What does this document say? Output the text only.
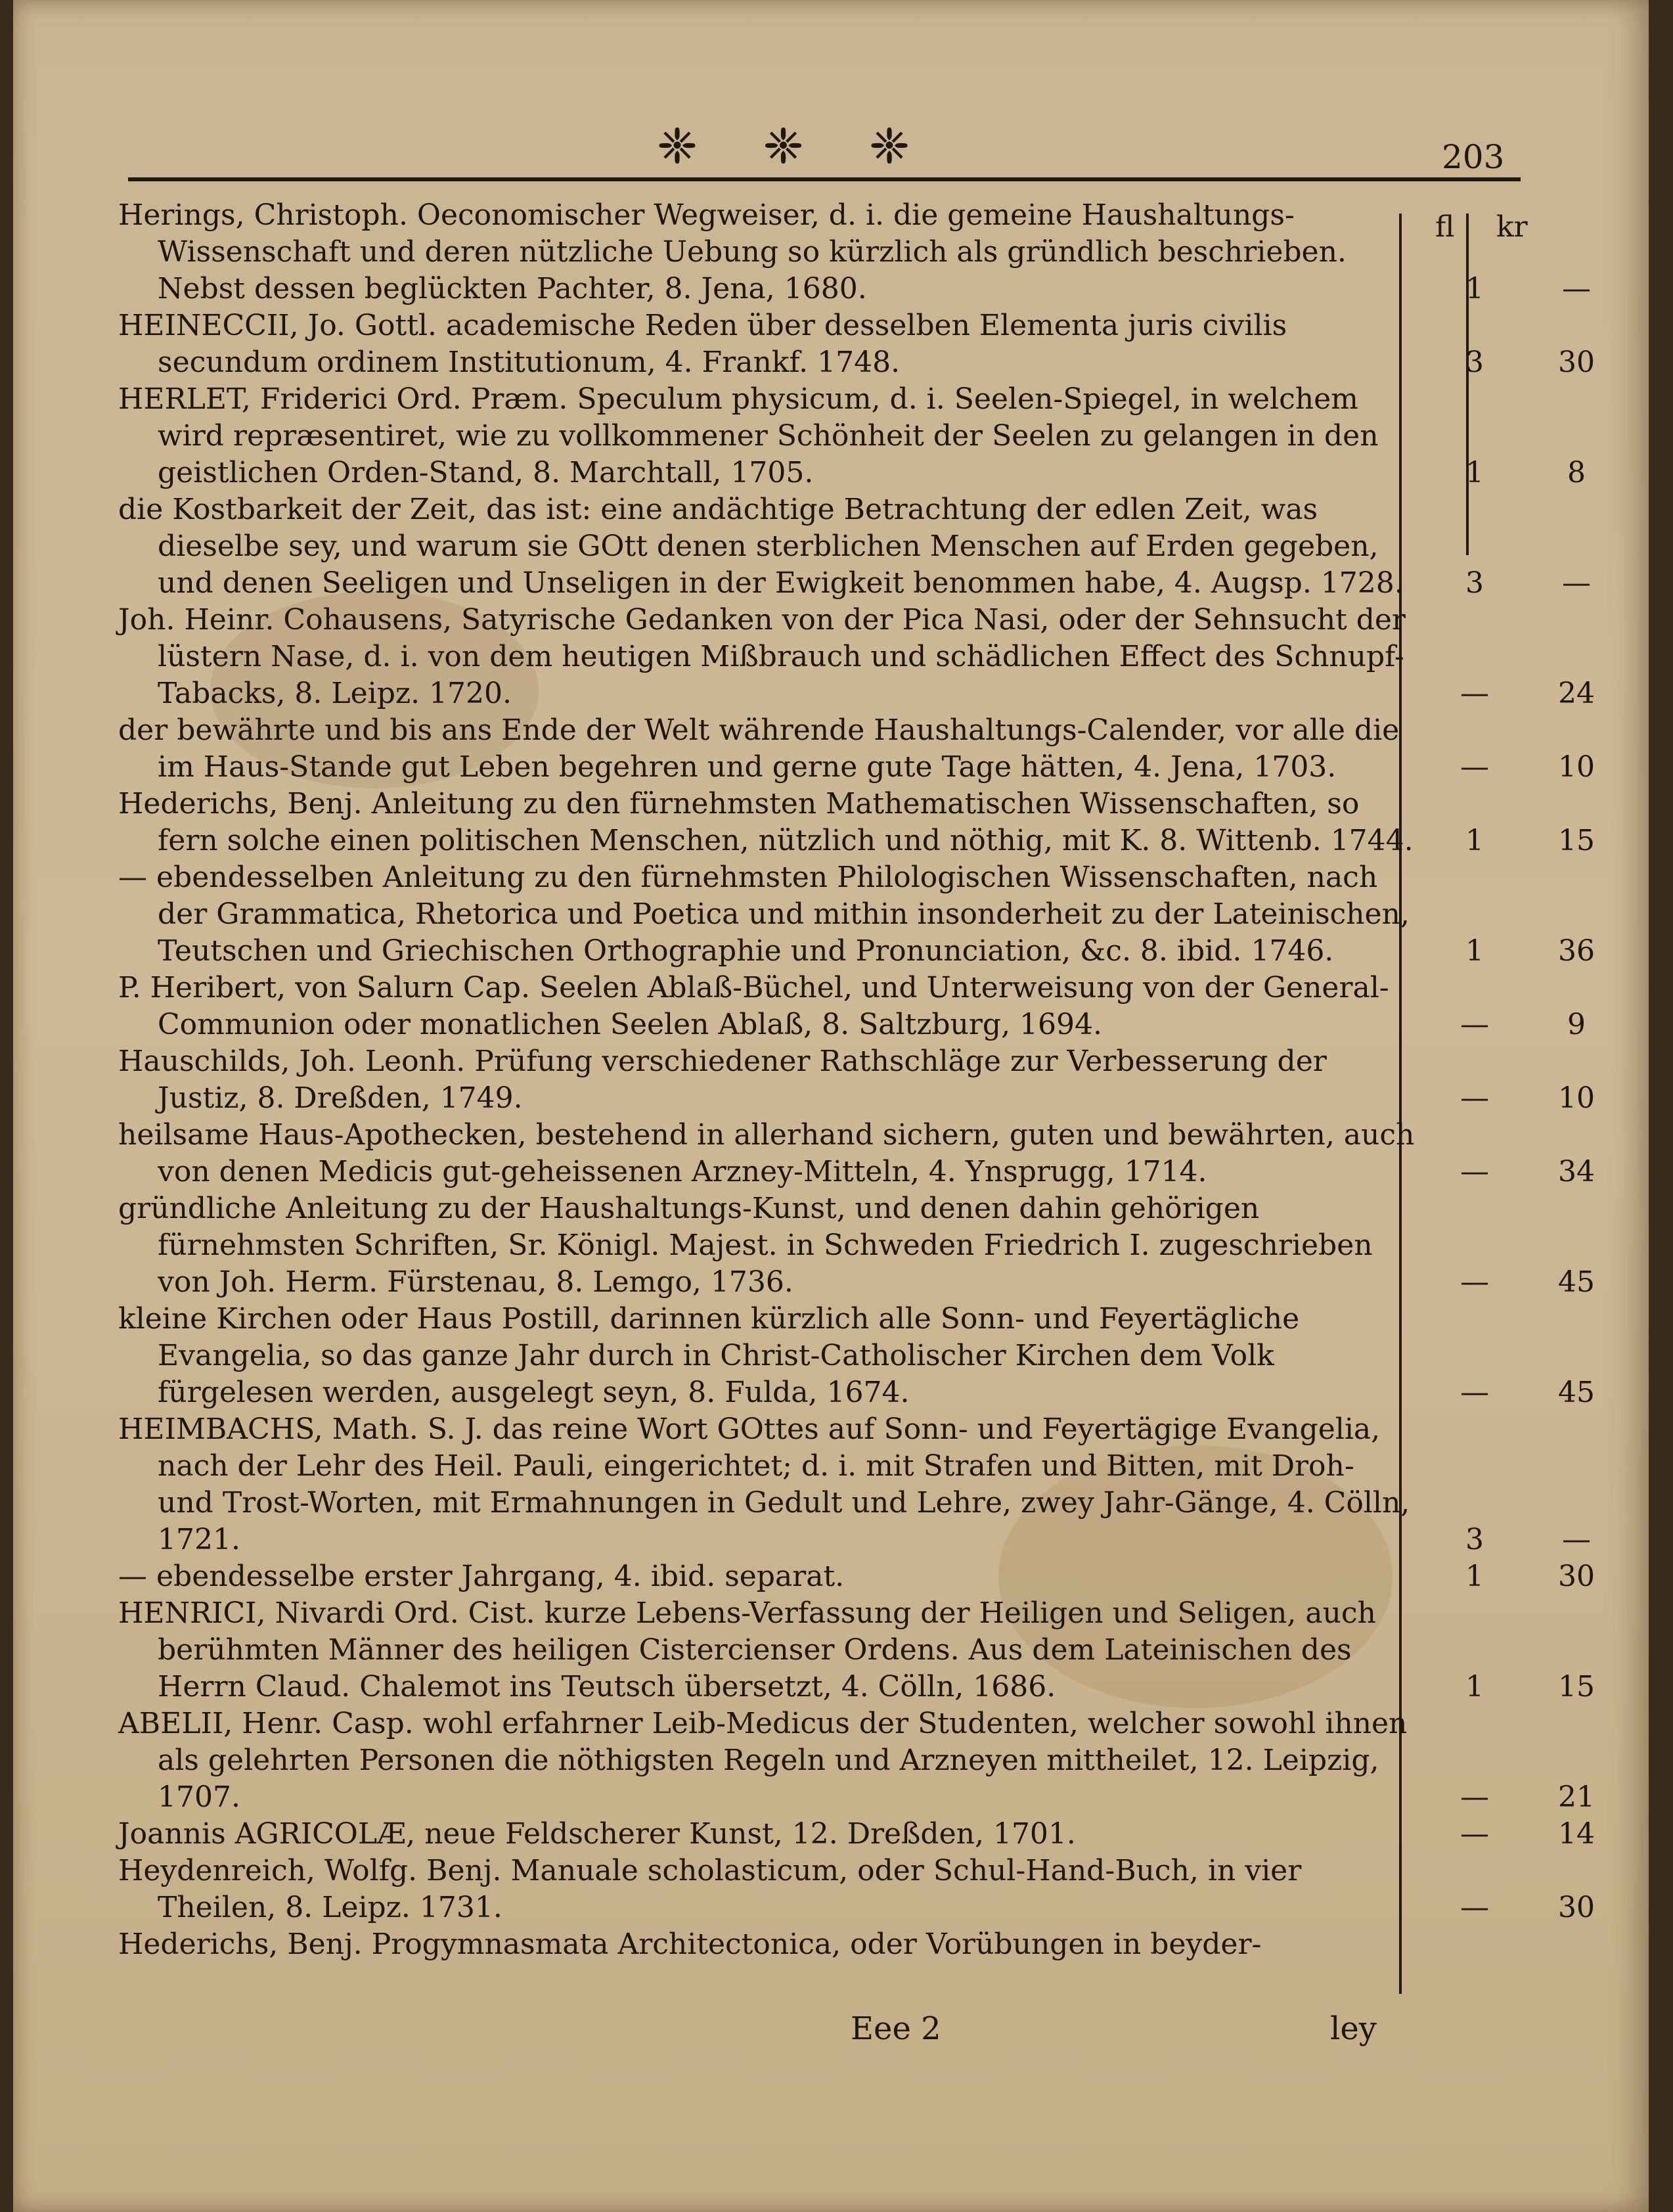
❈ ❈ ❈	203
fl kr
Herings, Christoph. Oeconomischer Wegweiser, d. i. die gemeine Haushaltungs-Wissenschaft und deren nützliche Uebung so kürzlich als gründlich beschrieben. Nebst dessen beglückten Pachter, 8. Jena, 1680.	1	—
HEINECCII, Jo. Gottl. academische Reden über desselben Elementa juris civilis secundum ordinem Institutionum, 4. Frankf. 1748.	3	30
HERLET, Friderici Ord. Præm. Speculum physicum, d. i. Seelen-Spiegel, in welchem wird repræsentiret, wie zu vollkommener Schönheit der Seelen zu gelangen in den geistlichen Orden-Stand, 8. Marchtall, 1705.	1	8
die Kostbarkeit der Zeit, das ist: eine andächtige Betrachtung der edlen Zeit, was dieselbe sey, und warum sie GOtt denen sterblichen Menschen auf Erden gegeben, und denen Seeligen und Unseligen in der Ewigkeit benommen habe, 4. Augsp. 1728.	3	—
Joh. Heinr. Cohausens, Satyrische Gedanken von der Pica Nasi, oder der Sehnsucht der lüstern Nase, d. i. von dem heutigen Mißbrauch und schädlichen Effect des Schnupf-Tabacks, 8. Leipz. 1720.	—	24
der bewährte und bis ans Ende der Welt währende Haushaltungs-Calender, vor alle die im Haus-Stande gut Leben begehren und gerne gute Tage hätten, 4. Jena, 1703.	—	10
Hederichs, Benj. Anleitung zu den fürnehmsten Mathematischen Wissenschaften, so fern solche einen politischen Menschen, nützlich und nöthig, mit K. 8. Wittenb. 1744.	1	15
— ebendesselben Anleitung zu den fürnehmsten Philologischen Wissenschaften, nach der Grammatica, Rhetorica und Poetica und mithin insonderheit zu der Lateinischen, Teutschen und Griechischen Orthographie und Pronunciation, &c. 8. ibid. 1746.	1	36
P. Heribert, von Salurn Cap. Seelen Ablaß-Büchel, und Unterweisung von der General-Communion oder monatlichen Seelen Ablaß, 8. Saltzburg, 1694.	—	9
Hauschilds, Joh. Leonh. Prüfung verschiedener Rathschläge zur Verbesserung der Justiz, 8. Dreßden, 1749.	—	10
heilsame Haus-Apothecken, bestehend in allerhand sichern, guten und bewährten, auch von denen Medicis gut-geheissenen Arzney-Mitteln, 4. Ynsprugg, 1714.	—	34
gründliche Anleitung zu der Haushaltungs-Kunst, und denen dahin gehörigen fürnehmsten Schriften, Sr. Königl. Majest. in Schweden Friedrich I. zugeschrieben von Joh. Herm. Fürstenau, 8. Lemgo, 1736.	—	45
kleine Kirchen oder Haus Postill, darinnen kürzlich alle Sonn- und Feyertägliche Evangelia, so das ganze Jahr durch in Christ-Catholischer Kirchen dem Volk fürgelesen werden, ausgelegt seyn, 8. Fulda, 1674.	—	45
HEIMBACHS, Math. S. J. das reine Wort GOttes auf Sonn- und Feyertägige Evangelia, nach der Lehr des Heil. Pauli, eingerichtet; d. i. mit Strafen und Bitten, mit Droh- und Trost-Worten, mit Ermahnungen in Gedult und Lehre, zwey Jahr-Gänge, 4. Cölln, 1721.	3	—
— ebendesselbe erster Jahrgang, 4. ibid. separat.	1	30
HENRICI, Nivardi Ord. Cist. kurze Lebens-Verfassung der Heiligen und Seligen, auch berühmten Männer des heiligen Cistercienser Ordens. Aus dem Lateinischen des Herrn Claud. Chalemot ins Teutsch übersetzt, 4. Cölln, 1686.	1	15
ABELII, Henr. Casp. wohl erfahrner Leib-Medicus der Studenten, welcher sowohl ihnen als gelehrten Personen die nöthigsten Regeln und Arzneyen mittheilet, 12. Leipzig, 1707.	—	21
Joannis AGRICOLÆ, neue Feldscherer Kunst, 12. Dreßden, 1701.	—	14
Heydenreich, Wolfg. Benj. Manuale scholasticum, oder Schul-Hand-Buch, in vier Theilen, 8. Leipz. 1731.	—	30
Hederichs, Benj. Progymnasmata Architectonica, oder Vorübungen in beyder-
Eee 2	ley
